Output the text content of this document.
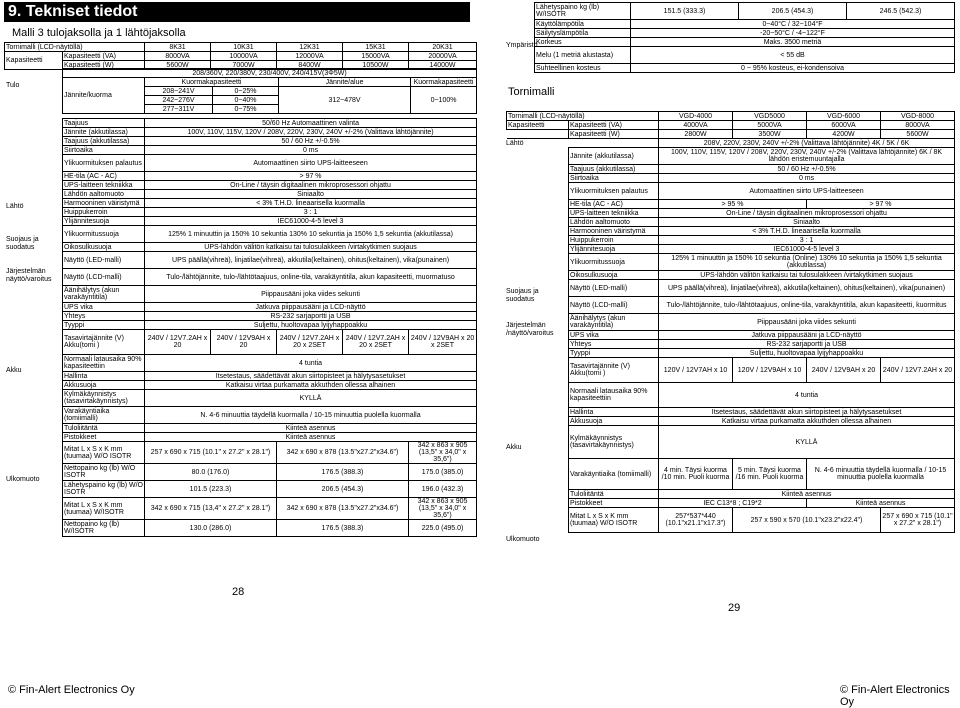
9. Tekniset tiedot
Malli 3 tulojaksolla ja 1 lähtöjaksolla
Tulo
Lähtö
Suojaus ja suodatus
Järjestelmän näyttö/varoitus
Akku
Ulkomuoto
Tornimalli (LCD-näytöllä)		8K31	10K31	12K31	15K31	20K31
Kapasiteetti	Kapasiteetti (VA)	8000VA	10000VA	12000VA	15000VA	20000VA
	Kapasiteetti (W)	5600W	7000W	8400W	10500W	14000W
208/360V, 220/380V, 230/400V, 240/415V(3Φ5W)				
Jännite/kuorma	Kuormakapasiteetti		Jännite/alue	Kuormakapasiteetti
	208~241V	0~25%	312~478V	0~100%
	242~276V	0~40%		
	277~311V	0~75%		
Taajuus	50/60 Hz Automaattinen valinta				
Jännite (akkutilassa)	100V, 110V, 115V, 120V / 208V, 220V, 230V, 240V +/-2% (Valittava lähtöjännite)				
Taajuus (akkutilassa)	50 / 60 Hz +/-0.5%				
Siirtoaika	0 ms				
Ylikuormituksen palautus	Automaattinen siirto UPS-laitteeseen				
HE-tila (AC - AC)	> 97 %				
UPS-laitteen tekniikka	On-Line / täysin digitaalinen mikroprosessori ohjattu				
Lähdön aaltomuoto	Siniaalto				
Harmooninen väiristymä	< 3% T.H.D. lineaarisella kuormalla				
Huippukerroin	3 : 1				
Ylijännitesuoja	IEC61000-4-5 level 3				
Ylikuormitussuoja	125% 1 minuuttin ja 150% 10 sekuntia 130% 10 sekuntia ja 150% 1,5 sekuntia (akkutilassa)				
Oikosulkusuoja	UPS-lähdön välitön katkaisu tai tulosulakkeen /virtakytkimen suojaus				
Näyttö (LED-malli)	UPS päällä(vihreä), linjatilae(vihreä), akkutila(keltainen), ohitus(keltainen), vika(punainen)				
Näyttö (LCD-malli)	Tulo-/lähtöjännite, tulo-/lähtötaajuus, online-tila, varakäyntitila, akun kapasiteetti, muormatuso				
Äänihälytys (akun varakäyntitila)	Piippausääni joka viides sekunti				
UPS vika	Jatkuva piippausääni ja LCD-näyttö				
Yhteys	RS-232 sarjaportti ja USB				
Tyyppi	Suljettu, huoltovapaa lyijyhappoakku				
Tasavirtajännite (V) Akku(tomi )	240V / 12V7.2AH x 20	240V / 12V9AH x 20	240V / 12V7.2AH x 20 x 2SET	240V / 12V7.2AH x 20 x 2SET	240V / 12V9AH x 20 x 2SET
Normaali latausaika 90% kapasiteettiin	4 tuntia				
Hallinta	Itsetestaus, säädettävät akun siirtopisteet ja hälytysasetukset				
Akkusuoja	Katkaisu virtaa purkamatta akkuthden ollessa alhainen				
Kylmäkäynnistys (tasavirtakäynnistys)	KYLLÄ				
Varakäyntiaika (tomiimalli)	N. 4-6 minuuttia täydellä kuormalla / 10-15 minuuttia puolella kuormalla				
Tuloliitäntä	Kiinteä asennus				
Pistokkeet	Kiinteä asennus				
Mitat L x S x K mm (tuumaa) W/O ISOTR	257 x 690 x 715 (10.1" x 27.2" x 28.1")		342 x 690 x 878 (13.5"x27.2"x34.6")		342 x 863 x 905 (13,5" x 34,0" x 35,6")
Nettopaino kg (lb) W/O ISOTR	80.0 (176.0)		176.5 (388.3)		175.0 (385.0)
Lähetyspaino kg (lb) W/O ISOTR	101.5 (223.3)		206.5 (454.3)		196.0 (432.3)
Mitat L x S x K mm (tuumaa) W/ISOTR	342 x 690 x 715 (13,4" x 27.2" x 28.1")		342 x 690 x 878 (13.5"x27.2"x34.6")		342 x 863 x 905 (13,5" x 34,0" x 35,6")
Nettopaino kg (lb) W/ISOTR	130.0 (286.0)		176.5 (388.3)		225.0 (495.0)
28
© Fin-Alert Electronics Oy
Ympäristö
Lähetyspaino kg (lb) W/ISOTR	151.5 (333.3)	206.5 (454.3)	246.5 (542.3)
Käyttölämpötila	0~40°C / 32~104°F		
Säilytyslämpötila	-20~50°C / -4~122°F		
Korkeus	Maks. 3500 metriä		
Melu (1 metriä alustasta)	< 55 dB		
Suhteellinen kosteus	0 ~ 95% kosteus, ei-kondensoiva		
Tornimalli
Lähtö
Suojaus ja suodatus
Järjestelmän /näyttö/varoitus
Akku
Ulkomuoto
Tornimalli (LCD-näytöllä)		VGD-4000	VGD5000	VGD-6000	VGD-8000
Kapasiteetti	Kapasiteetti (VA)	4000VA	5000VA	6000VA	8000VA
	Kapasiteetti (W)	2800W	3500W	4200W	5600W
	208V, 220V, 230V, 240V +/-2% (Valittava lähtöjännite) 4K / 5K / 6K			
Jännite (akkutilassa)	100V, 110V, 115V, 120V / 208V, 220V, 230V, 240V +/-2% (Valittava lähtöjännite) 6K / 8K lähdön eristemuuntajalla			
Taajuus (akkutilassa)	50 / 60 Hz +/-0.5%			
Siirtoaika	0 ms			
Ylikuormituksen palautus	Automaattinen siirto UPS-laitteeseen			
HE-tila (AC - AC)	> 95 %		> 97 %	
UPS-laitteen tekniikka	On-Line / täysin digitaalinen mikroprosessori ohjattu			
Lähdön aaltomuoto	Siniaalto			
Harmooninen väiristymä	< 3% T.H.D. lineaarisella kuormalla			
Huippukerroin	3 : 1			
Ylijännitesuoja	IEC61000-4-5 level 3			
Ylikuormitussuoja	125% 1 minuuttin ja 150% 10 sekuntia (Online) 130% 10 sekuntia ja 150% 1,5 sekuntia (akkutilassa)			
Oikosulkusuoja	UPS-lähdön välitön katkaisu tai tulosulakkeen /virtakytkimen suojaus			
Näyttö (LED-malli)	UPS päällä(vihreä), linjatilae(vihreä), akkutila(keltainen), ohitus(keltainen), vika(punainen)			
Näyttö (LCD-malli)	Tulo-/lähtöjännite, tulo-/lähtötaajuus, online-tila, varakäyntitila, akun kapasiteetti, kuormitus			
Äänihälytys (akun varakäyntitila)	Piippausääni joka viides sekunti			
UPS vika	Jatkuva piippausääni ja LCD-näyttö			
Yhteys	RS-232 sarjaportti ja USB			
Tyyppi	Suljettu, huoltovapaa lyijyhappoakku			
Tasavirtajännite (V) Akku(tomi )	120V / 12V7AH x 10	120V / 12V9AH x 10	240V / 12V9AH x 20	240V / 12V7.2AH x 20
Normaali latausaika 90% kapasiteettiin	4 tuntia			
Hallinta	Itsetestaus, säädettävät akun siirtopisteet ja hälytysasetukset			
Akkusuoja	Katkaisu virtaa purkamatta akkuthden ollessa alhainen			
Kylmäkäynnistys (tasavirtakäynnistys)	KYLLÄ			
Varakäyntiaika (tomiimalli)	4 min. Täysi kuorma /10 min. Puoli kuorma	5 min. Täysi kuorma /16 min. Puoli kuorma	N. 4-6 minuuttia täydellä kuormalla / 10-15 minuuttia puolella kuormalla	
Tuloliitäntä	Kiinteä asennus			
Pistokkeet	IEC C13*8 ; C19*2		Kiinteä asennus	
Mitat L x S x K mm (tuumaa) W/O ISOTR	257*537*440 (10.1"x21.1"x17.3")	257 x 590 x 570 (10.1"x23.2"x22.4")		257 x 690 x 715 (10.1" x 27.2" x 28.1")
29
© Fin-Alert Electronics Oy
